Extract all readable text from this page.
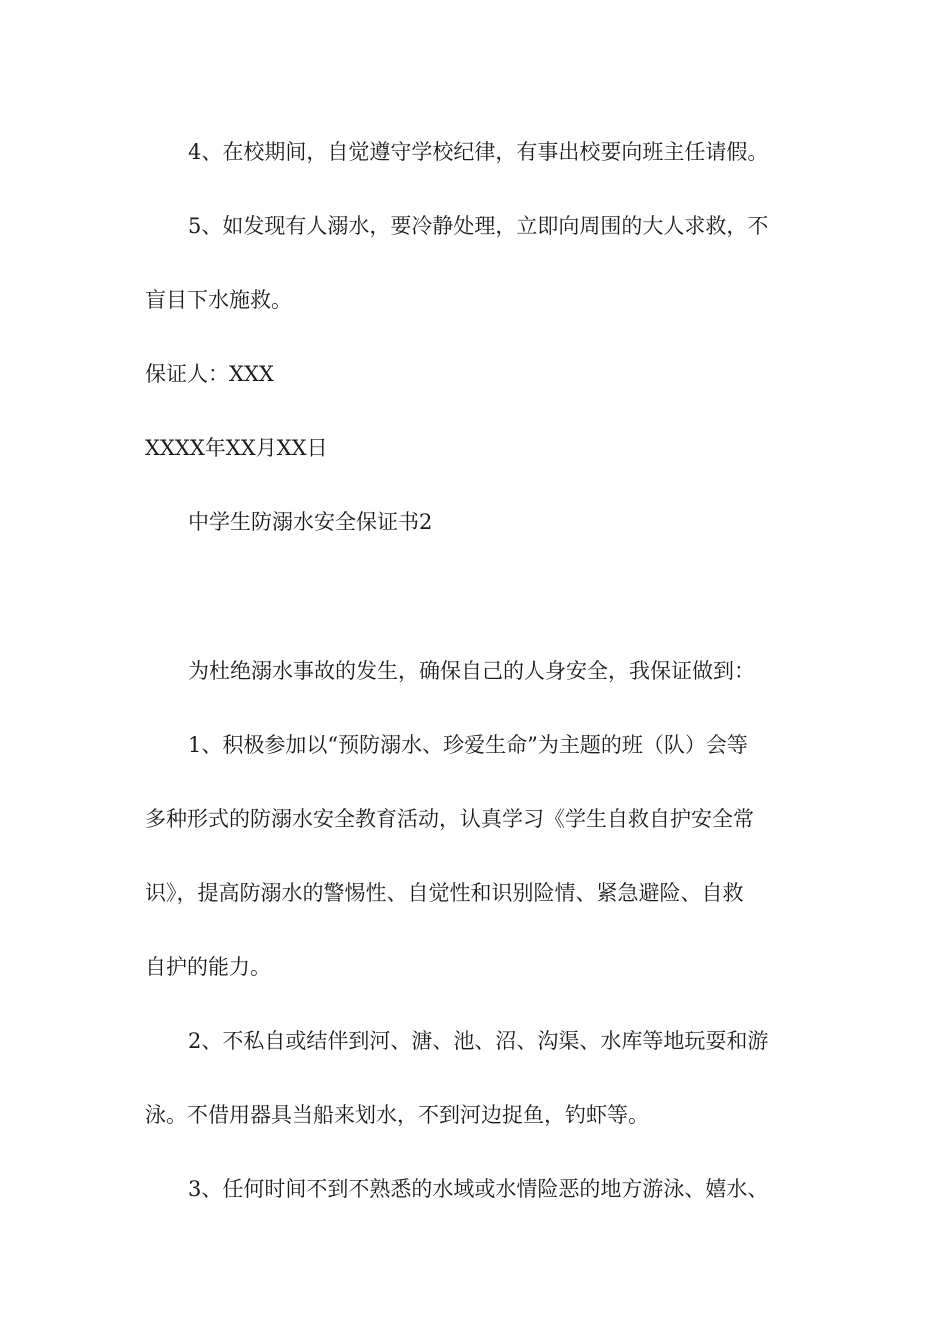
4、在校期间，自觉遵守学校纪律，有事出校要向班主任请假。
5、如发现有人溺水，要冷静处理，立即向周围的大人求救，不
盲目下水施救。
保证人：XXX
XXXX年XX月XX日
中学生防溺水安全保证书2
为杜绝溺水事故的发生，确保自己的人身安全，我保证做到：
1、积极参加以“预防溺水、珍爱生命”为主题的班（队）会等
多种形式的防溺水安全教育活动，认真学习《学生自救自护安全常
识》，提高防溺水的警惕性、自觉性和识别险情、紧急避险、自救
自护的能力。
2、不私自或结伴到河、溏、池、沼、沟渠、水库等地玩耍和游
泳。不借用器具当船来划水，不到河边捉鱼，钓虾等。
3、任何时间不到不熟悉的水域或水情险恶的地方游泳、嬉水、
